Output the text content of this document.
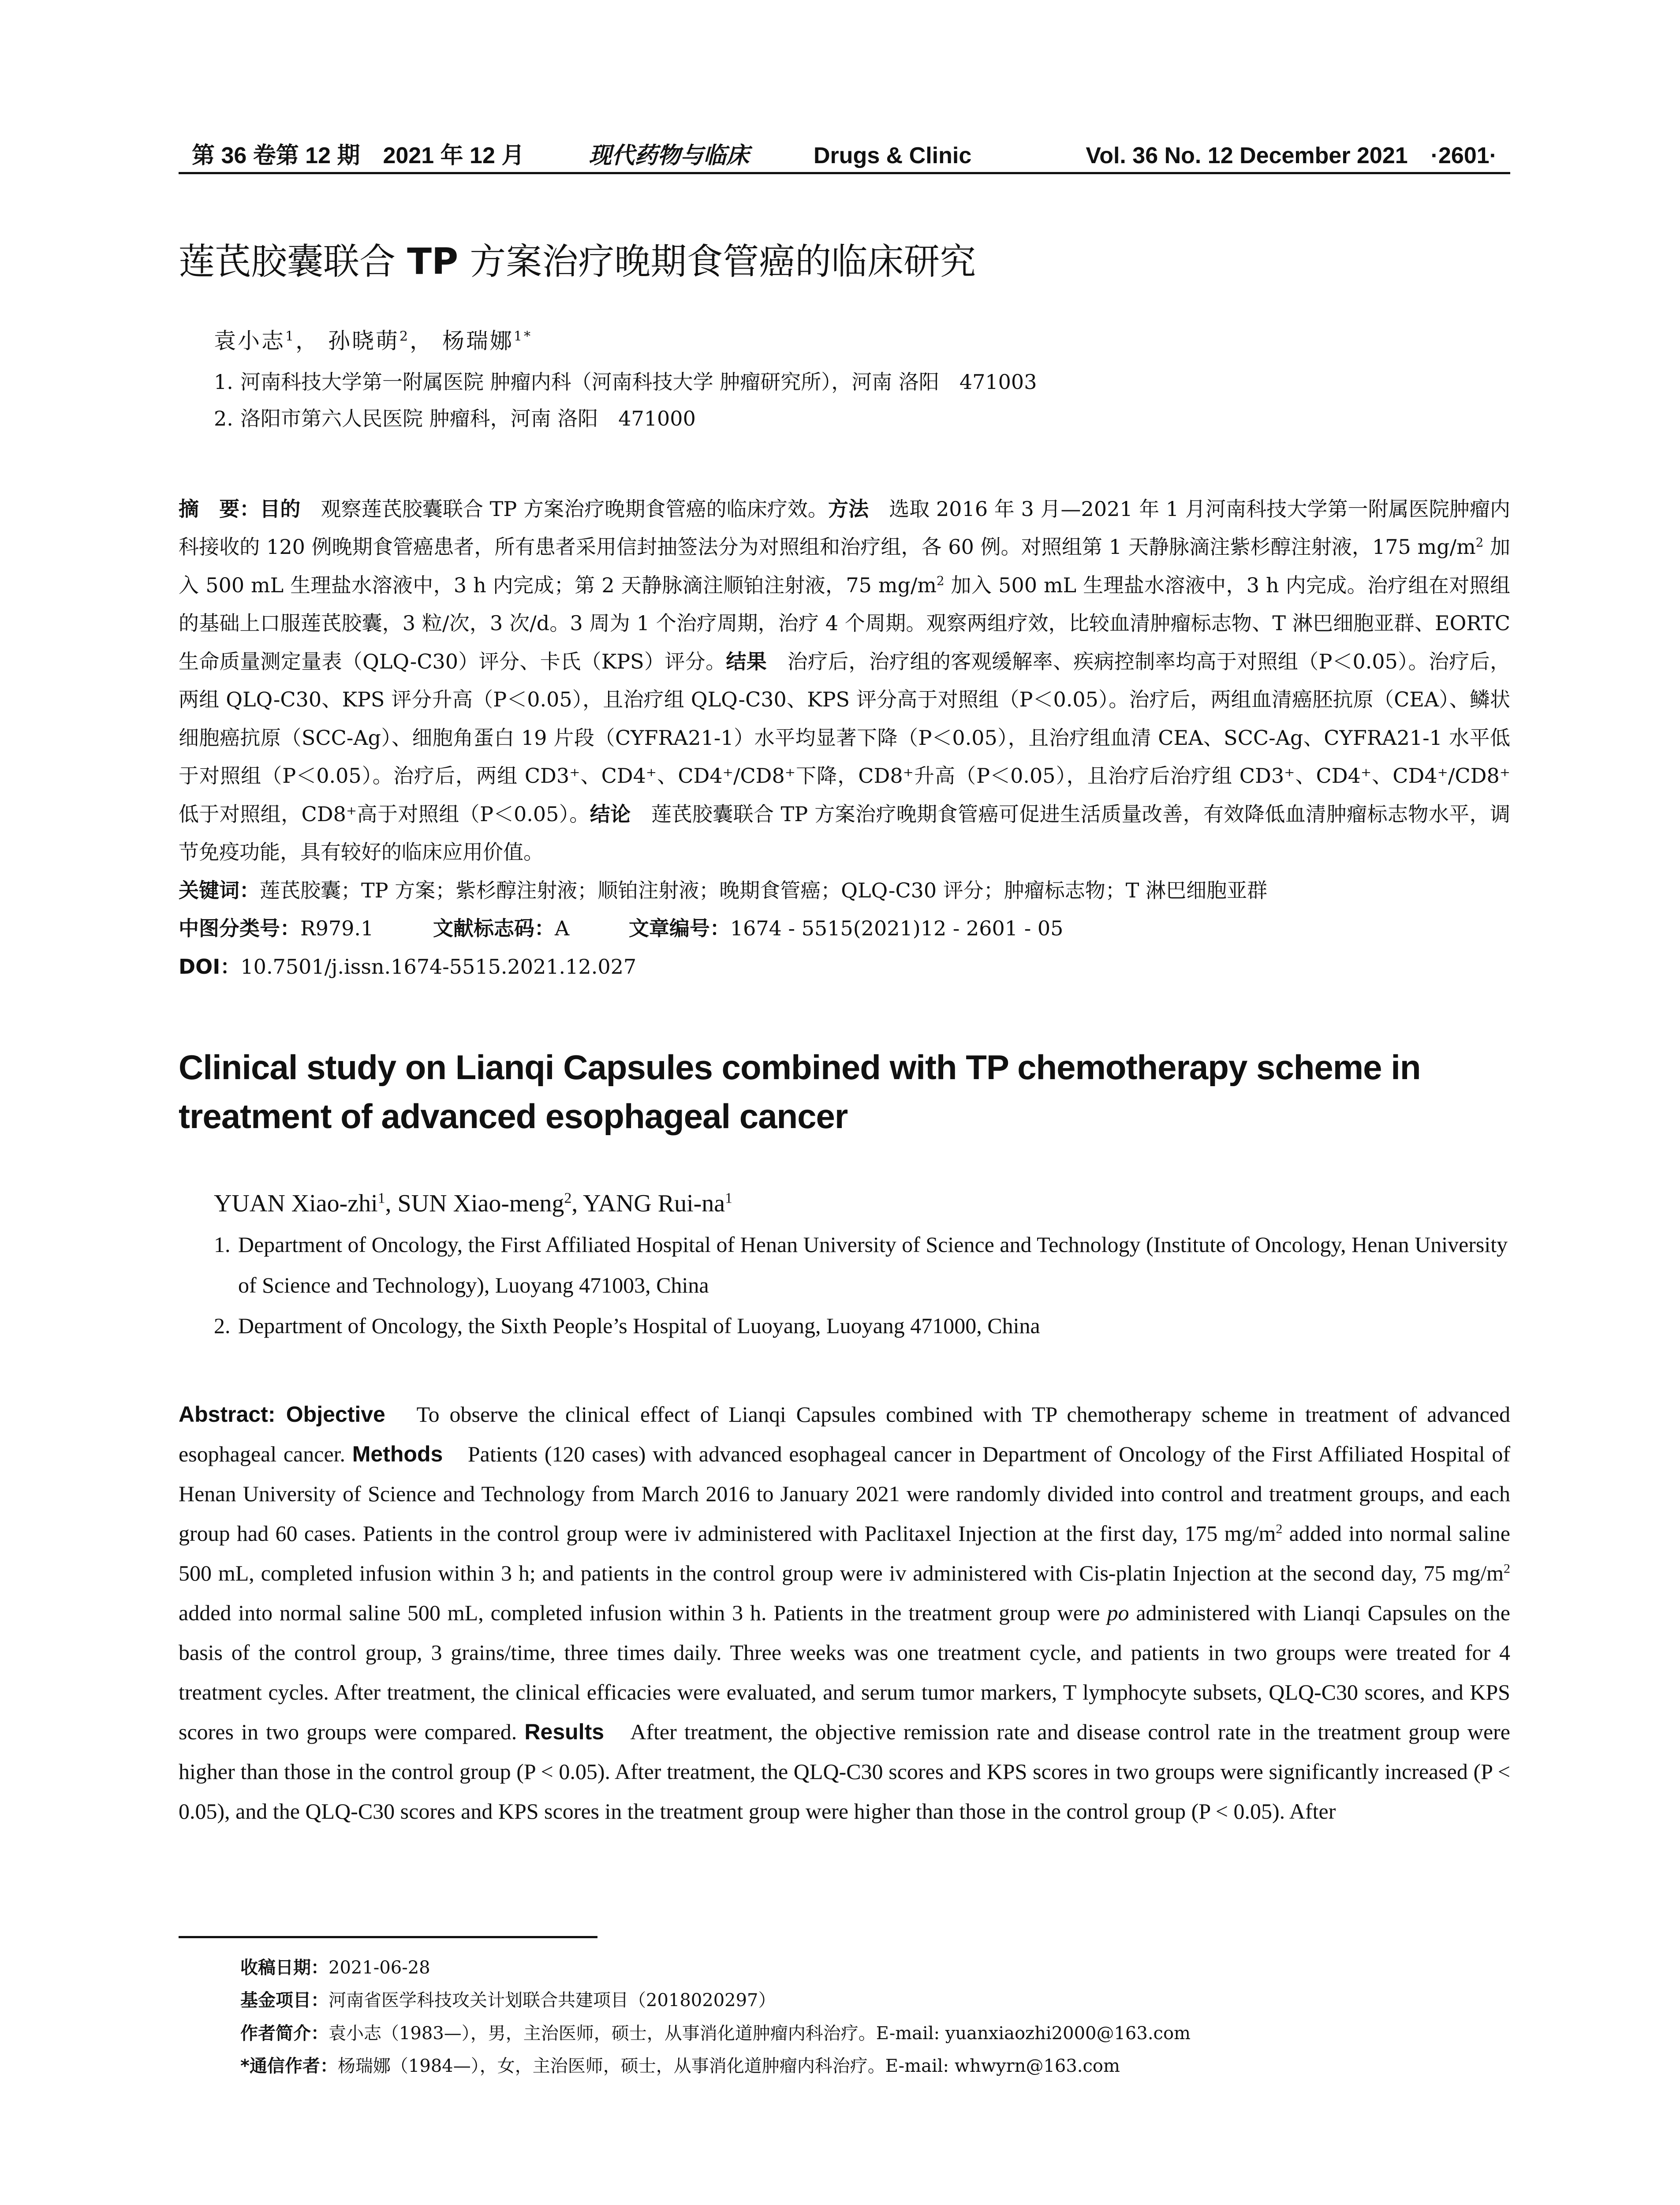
第 36 卷第 12 期　2021 年 12 月	现代药物与临床	Drugs & Clinic	Vol. 36 No. 12 December 2021　·2601·
莲芪胶囊联合 TP 方案治疗晚期食管癌的临床研究
袁小志$^1$， 孙晓萌$^2$， 杨瑞娜$^{1*}$
1. 河南科技大学第一附属医院 肿瘤内科（河南科技大学 肿瘤研究所），河南 洛阳　471003
2. 洛阳市第六人民医院 肿瘤科，河南 洛阳　471000
摘　要：目的　观察莲芪胶囊联合 TP 方案治疗晚期食管癌的临床疗效。方法　选取 2016 年 3 月—2021 年 1 月河南科技大学第一附属医院肿瘤内科接收的 120 例晚期食管癌患者，所有患者采用信封抽签法分为对照组和治疗组，各 60 例。对照组第 1 天静脉滴注紫杉醇注射液，175 $mg/m^2$ 加入 500 mL 生理盐水溶液中，3 h 内完成；第 2 天静脉滴注顺铂注射液，75 $mg/m^2$ 加入 500 mL 生理盐水溶液中，3 h 内完成。治疗组在对照组的基础上口服莲芪胶囊，3 粒/次，3 次/d。3 周为 1 个治疗周期，治疗 4 个周期。观察两组疗效，比较血清肿瘤标志物、T 淋巴细胞亚群、EORTC 生命质量测定量表（QLQ-C30）评分、卡氏（KPS）评分。结果　治疗后，治疗组的客观缓解率、疾病控制率均高于对照组（P＜0.05）。治疗后，两组 QLQ-C30、KPS 评分升高（P＜0.05），且治疗组 QLQ-C30、KPS 评分高于对照组（P＜0.05）。治疗后，两组血清癌胚抗原（CEA）、鳞状细胞癌抗原（SCC-Ag）、细胞角蛋白 19 片段（CYFRA21-1）水平均显著下降（P＜0.05），且治疗组血清 CEA、SCC-Ag、CYFRA21-1 水平低于对照组（P＜0.05）。治疗后，两组 CD3⁺、CD4⁺、CD4⁺/CD8⁺下降，CD8⁺升高（P＜0.05），且治疗后治疗组 CD3⁺、CD4⁺、CD4⁺/CD8⁺低于对照组，CD8⁺高于对照组（P＜0.05）。结论　莲芪胶囊联合 TP 方案治疗晚期食管癌可促进生活质量改善，有效降低血清肿瘤标志物水平，调节免疫功能，具有较好的临床应用价值。
关键词：莲芪胶囊；TP 方案；紫杉醇注射液；顺铂注射液；晚期食管癌；QLQ-C30 评分；肿瘤标志物；T 淋巴细胞亚群
中图分类号：R979.1	文献标志码：A	文章编号：1674 - 5515(2021)12 - 2601 - 05
DOI：10.7501/j.issn.1674-5515.2021.12.027
Clinical study on Lianqi Capsules combined with TP chemotherapy scheme in treatment of advanced esophageal cancer
YUAN Xiao-zhi$^1$, SUN Xiao-meng$^2$, YANG Rui-$na^1$
1. Department of Oncology, the First Affiliated Hospital of Henan University of Science and Technology (Institute of Oncology, Henan University of Science and Technology), Luoyang 471003, China
2. Department of Oncology, the Sixth People’s Hospital of Luoyang, Luoyang 471000, China
Abstract: Objective　To observe the clinical effect of Lianqi Capsules combined with TP chemotherapy scheme in treatment of advanced esophageal cancer. Methods　Patients (120 cases) with advanced esophageal cancer in Department of Oncology of the First Affiliated Hospital of Henan University of Science and Technology from March 2016 to January 2021 were randomly divided into control and treatment groups, and each group had 60 cases. Patients in the control group were iv administered with Paclitaxel Injection at the first day, 175 $mg/m^2$ added into normal saline 500 mL, completed infusion within 3 h; and patients in the control group were iv administered with Cis-platin Injection at the second day, 75 $mg/m^2$ added into normal saline 500 mL, completed infusion within 3 h. Patients in the treatment group were po administered with Lianqi Capsules on the basis of the control group, 3 grains/time, three times daily. Three weeks was one treatment cycle, and patients in two groups were treated for 4 treatment cycles. After treatment, the clinical efficacies were evaluated, and serum tumor markers, T lymphocyte subsets, QLQ-C30 scores, and KPS scores in two groups were compared. Results　After treatment, the objective remission rate and disease control rate in the treatment group were higher than those in the control group (P < 0.05). After treatment, the QLQ-C30 scores and KPS scores in two groups were significantly increased (P < 0.05), and the QLQ-C30 scores and KPS scores in the treatment group were higher than those in the control group (P < 0.05). After
收稿日期：2021-06-28
基金项目：河南省医学科技攻关计划联合共建项目（2018020297）
作者简介：袁小志（1983—），男，主治医师，硕士，从事消化道肿瘤内科治疗。E-mail: yuanxiaozhi2000@163.com
*通信作者：杨瑞娜（1984—），女，主治医师，硕士，从事消化道肿瘤内科治疗。E-mail: whwyrn@163.com
